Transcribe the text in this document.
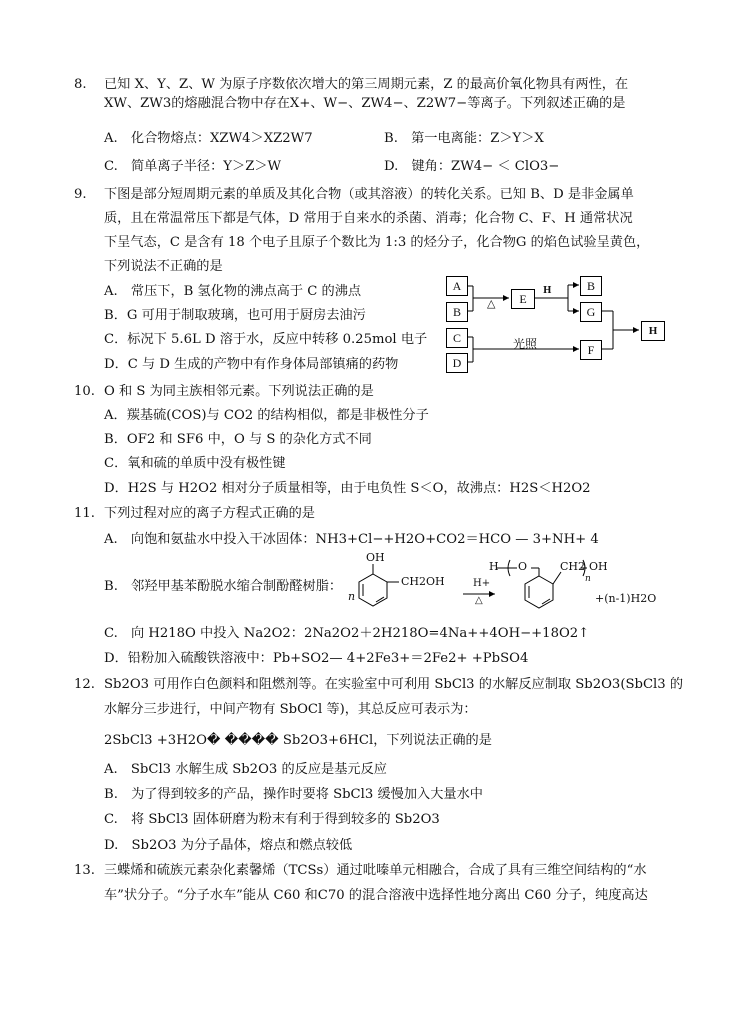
8. 已知 X、Y、Z、W 为原子序数依次增大的第三周期元素，Z 的最高价氧化物具有两性，在
XW、ZW3的熔融混合物中存在X+、W−、ZW4−、Z2W7−等离子。下列叙述正确的是
A.　化合物熔点：XZW4＞XZ2W7	B.　第一电离能：Z＞Y＞X
C.　简单离子半径：Y＞Z＞W	D.　键角：ZW4− ＜ ClO3−
9. 下图是部分短周期元素的单质及其化合物（或其溶液）的转化关系。已知 B、D 是非金属单
质，且在常温常压下都是气体，D 常用于自来水的杀菌、消毒；化合物 C、F、H 通常状况
下呈气态，C 是含有 18 个电子且原子个数比为 1:3 的烃分子，化合物G 的焰色试验呈黄色，
下列说法不正确的是
A.　常压下，B 氢化物的沸点高于 C 的沸点
B．G 可用于制取玻璃，也可用于厨房去油污
C．标况下 5.6L D 溶于水，反应中转移 0.25mol 电子
D．C 与 D 生成的产物中有作身体局部镇痛的药物
A
B
C
D
E
B
G
F
H
△
H
光照
10. O 和 S 为同主族相邻元素。下列说法正确的是
A．羰基硫(COS)与 CO2 的结构相似，都是非极性分子
B．OF2 和 SF6 中，O 与 S 的杂化方式不同
C．氧和硫的单质中没有极性键
D．H2S 与 H2O2 相对分子质量相等，由于电负性 S＜O，故沸点：H2S＜H2O2
11. 下列过程对应的离子方程式正确的是
A.　向饱和氨盐水中投入干冰固体：NH3+Cl−+H2O+CO2＝HCO — 3+NH+ 4
B.　邻羟甲基苯酚脱水缩合制酚醛树脂：
OH
CH2OH
n
H+
△
H O	CH2
n
OH
+(n-1)H2O
C.　向 H218O 中投入 Na2O2：2Na2O2＋2H218O=4Na++4OH−+18O2↑
D．铅粉加入硫酸铁溶液中：Pb+SO2— 4+2Fe3+＝2Fe2+ +PbSO4
12. Sb2O3 可用作白色颜料和阻燃剂等。在实验室中可利用 SbCl3 的水解反应制取 Sb2O3(SbCl3 的
水解分三步进行，中间产物有 SbOCl 等)，其总反应可表示为：
2SbCl3 +3H2O� ���� Sb2O3+6HCl，下列说法正确的是
A.　SbCl3 水解生成 Sb2O3 的反应是基元反应
B.　为了得到较多的产品，操作时要将 SbCl3 缓慢加入大量水中
C.　将 SbCl3 固体研磨为粉末有利于得到较多的 Sb2O3
D.　Sb2O3 为分子晶体，熔点和燃点较低
13. 三蝶烯和硫族元素杂化素馨烯（TCSs）通过吡嗪单元相融合，合成了具有三维空间结构的“水
车”状分子。“分子水车”能从 C60 和C70 的混合溶液中选择性地分离出 C60 分子，纯度高达
